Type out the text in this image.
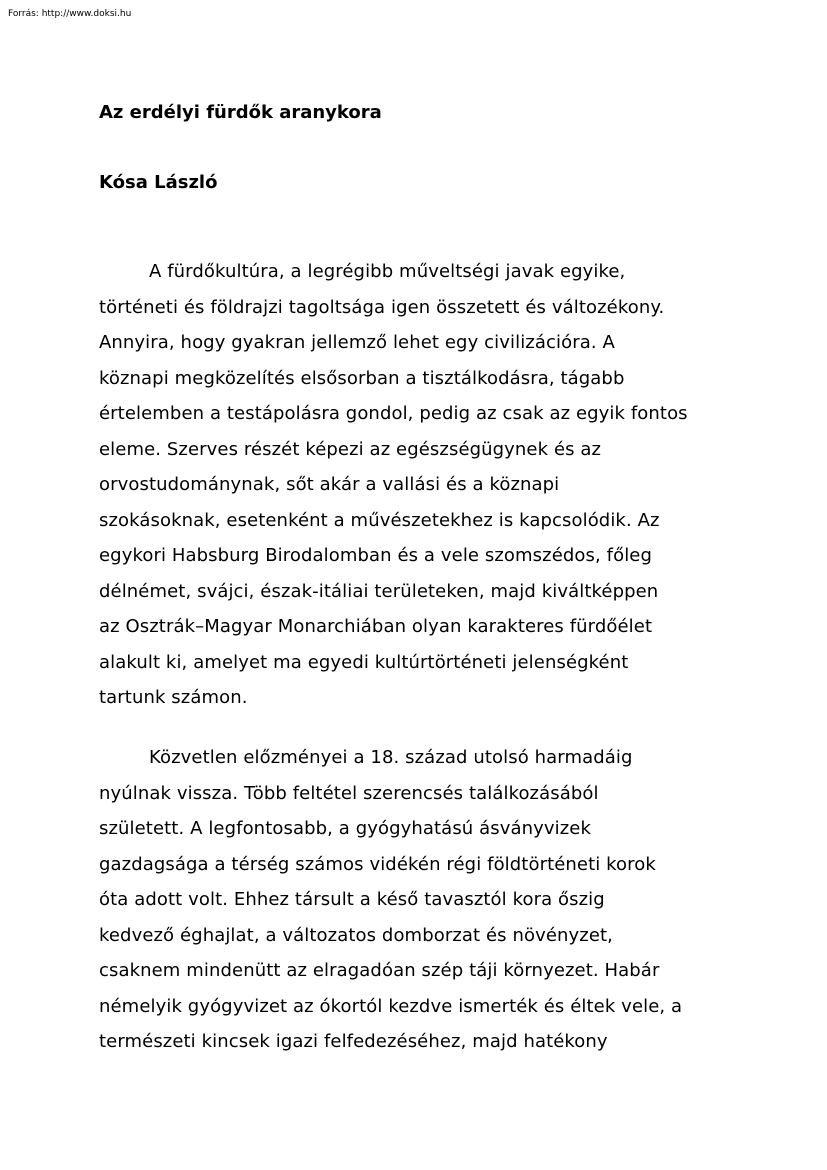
Forrás: http://www.doksi.hu
Az erdélyi fürdők aranykora
Kósa László

A fürdőkultúra, a legrégibb műveltségi javak egyike,
történeti és földrajzi tagoltsága igen összetett és változékony.
Annyira, hogy gyakran jellemző lehet egy civilizációra. A
köznapi megközelítés elsősorban a tisztálkodásra, tágabb
értelemben a testápolásra gondol, pedig az csak az egyik fontos
eleme. Szerves részét képezi az egészségügynek és az
orvostudománynak, sőt akár a vallási és a köznapi
szokásoknak, esetenként a művészetekhez is kapcsolódik. Az
egykori Habsburg Birodalomban és a vele szomszédos, főleg
délnémet, svájci, észak-itáliai területeken, majd kiváltképpen
az Osztrák–Magyar Monarchiában olyan karakteres fürdőélet
alakult ki, amelyet ma egyedi kultúrtörténeti jelenségként
tartunk számon.

Közvetlen előzményei a 18. század utolsó harmadáig
nyúlnak vissza. Több feltétel szerencsés találkozásából
született. A legfontosabb, a gyógyhatású ásványvizek
gazdagsága a térség számos vidékén régi földtörténeti korok
óta adott volt. Ehhez társult a késő tavasztól kora őszig
kedvező éghajlat, a változatos domborzat és növényzet,
csaknem mindenütt az elragadóan szép táji környezet. Habár
némelyik gyógyvizet az ókortól kezdve ismerték és éltek vele, a
természeti kincsek igazi felfedezéséhez, majd hatékony
